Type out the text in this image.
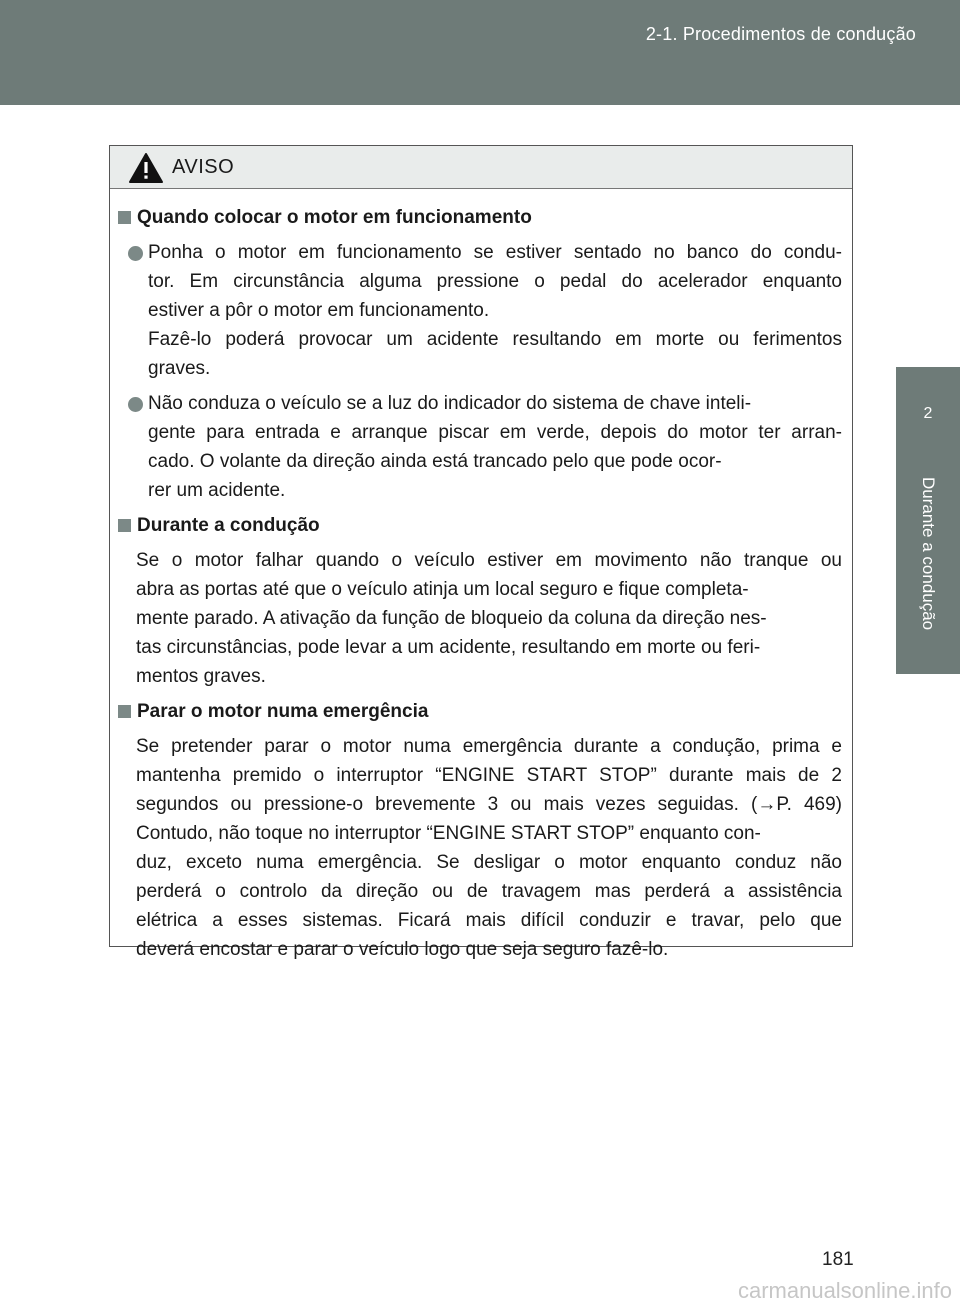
2-1. Procedimentos de condução
2
Durante a condução
AVISO
Quando colocar o motor em funcionamento
Ponha o motor em funcionamento se estiver sentado no banco do condu-
tor. Em circunstância alguma pressione o pedal do acelerador enquanto
estiver a pôr o motor em funcionamento.
Fazê-lo poderá provocar um acidente resultando em morte ou ferimentos
graves.
Não conduza o veículo se a luz do indicador do sistema de chave inteli-
gente para entrada e arranque piscar em verde, depois do motor ter arran-
cado. O volante da direção ainda está trancado pelo que pode ocor-
rer um acidente.
Durante a condução
Se o motor falhar quando o veículo estiver em movimento não tranque ou
abra as portas até que o veículo atinja um local seguro e fique completa-
mente parado. A ativação da função de bloqueio da coluna da direção nes-
tas circunstâncias, pode levar a um acidente, resultando em morte ou feri-
mentos graves.
Parar o motor numa emergência
Se pretender parar o motor numa emergência durante a condução, prima e
mantenha premido o interruptor “ENGINE START STOP” durante mais de 2
segundos ou pressione-o brevemente 3 ou mais vezes seguidas. (→P. 469)
Contudo, não toque no interruptor “ENGINE START STOP” enquanto con-
duz, exceto numa emergência. Se desligar o motor enquanto conduz não
perderá o controlo da direção ou de travagem mas perderá a assistência
elétrica a esses sistemas. Ficará mais difícil conduzir e travar, pelo que
deverá encostar e parar o veículo logo que seja seguro fazê-lo.
181
carmanualsonline.info
